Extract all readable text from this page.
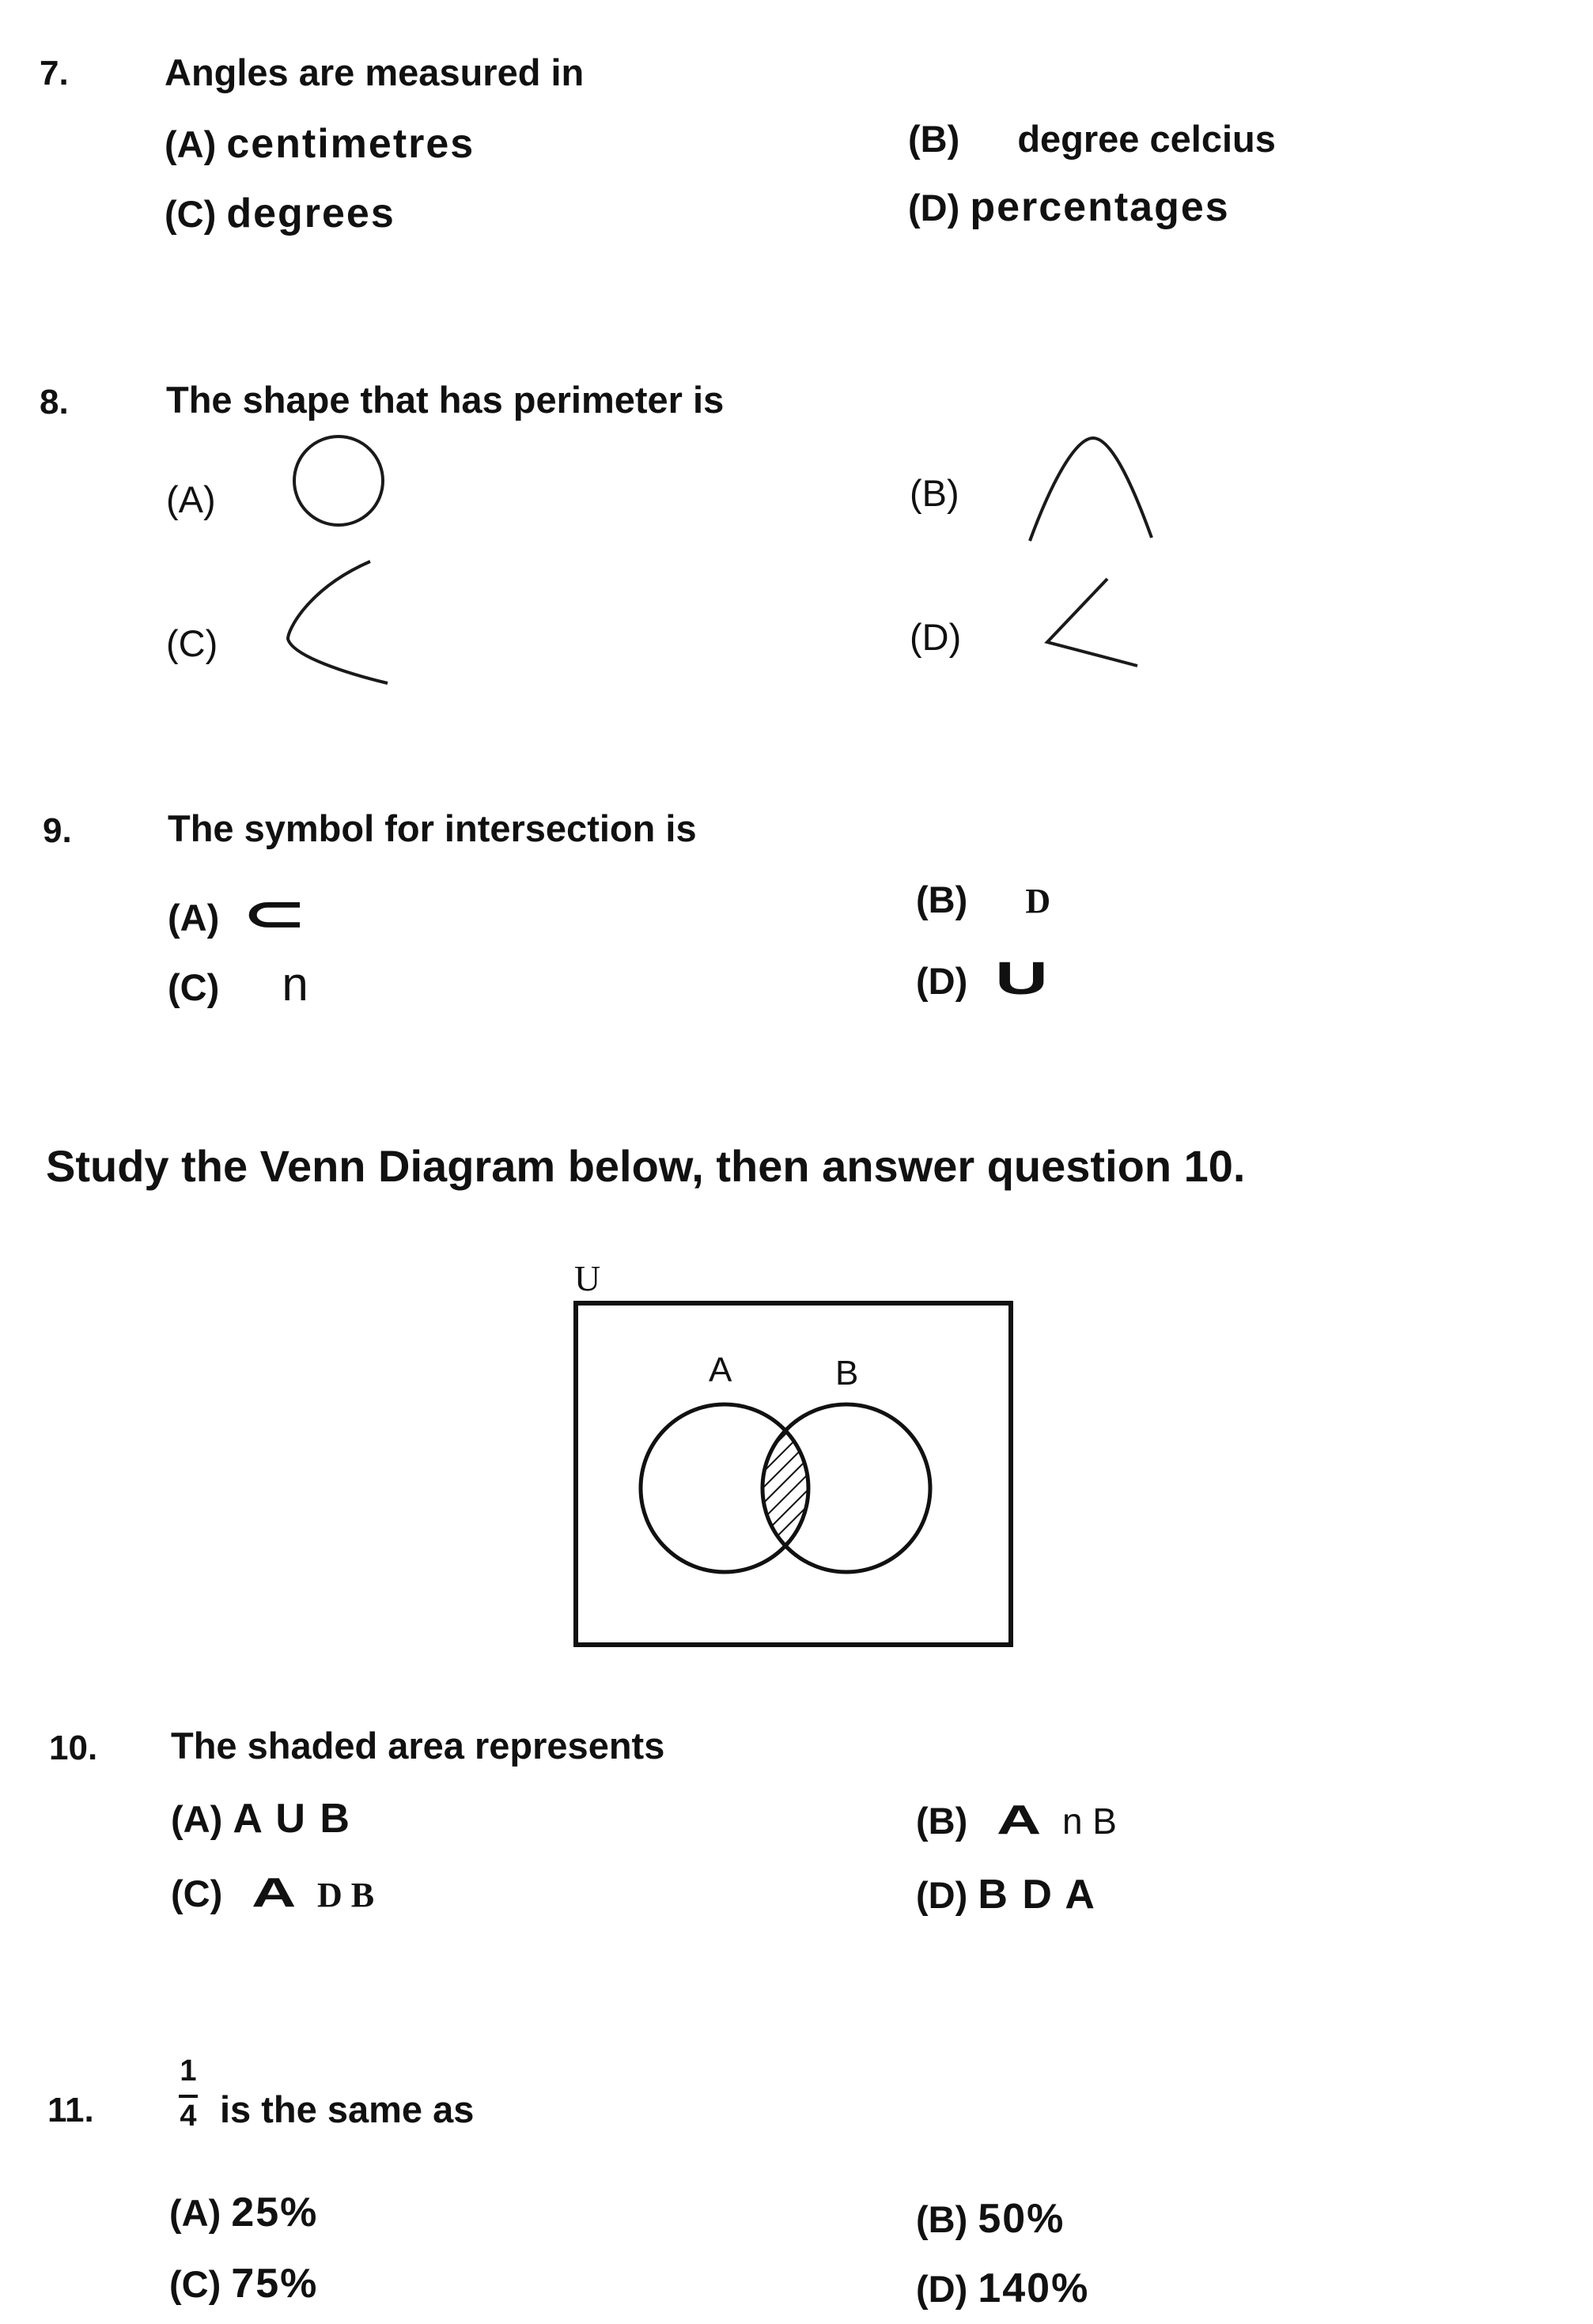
7.	Angles are measured in
(A) centimetres	(B) degree celcius
(C) degrees	(D) percentages
8.	The shape that has perimeter is
(A)	(B)
(C)	(D)
9.	The symbol for intersection is
(A) ⊂	(B) D
(C) n	(D) U
Study the Venn Diagram below, then answer question 10.
U
A	B
10. The shaded area represents
(A) A U B	(B) A n B
(C) A D B	(D) B D A
11.
1
4 is the same as
(A) 25%	(B) 50%
(C) 75%	(D) 140%
